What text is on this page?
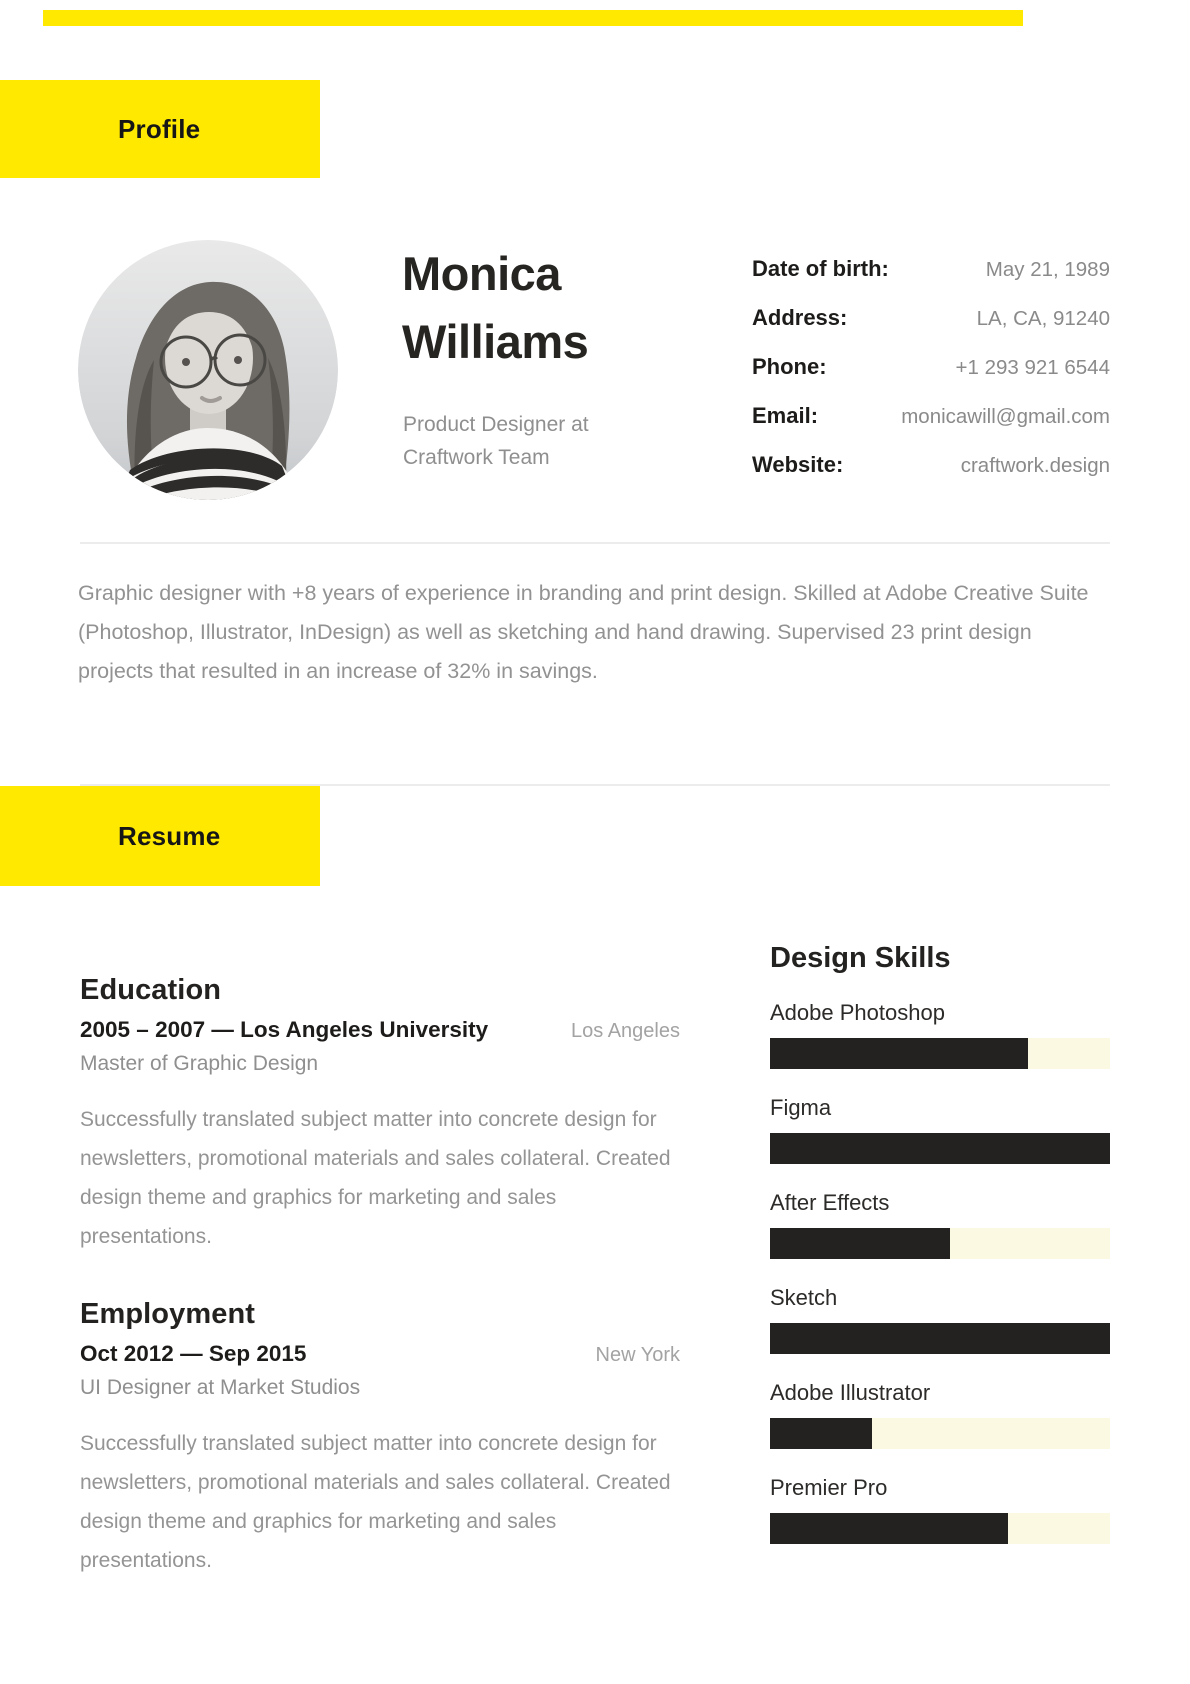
Profile
Monica
Williams
Product Designer at
Craftwork Team
Date of birth:	May 21, 1989
Address:	LA, CA, 91240
Phone:	+1 293 921 6544
Email:	monicawill@gmail.com
Website:	craftwork.design
Graphic designer with +8 years of experience in branding and print design. Skilled at Adobe Creative Suite (Photoshop, Illustrator, InDesign) as well as sketching and hand drawing. Supervised 23 print design projects that resulted in an increase of 32% in savings.
Resume
Education
2005 – 2007 — Los Angeles University	Los Angeles
Master of Graphic Design
Successfully translated subject matter into concrete design for newsletters, promotional materials and sales collateral. Created design theme and graphics for marketing and sales presentations.
Employment
Oct 2012 — Sep 2015	New York
UI Designer at Market Studios
Successfully translated subject matter into concrete design for newsletters, promotional materials and sales collateral. Created design theme and graphics for marketing and sales presentations.
Design Skills
Adobe Photoshop
Figma
After Effects
Sketch
Adobe Illustrator
Premier Pro
